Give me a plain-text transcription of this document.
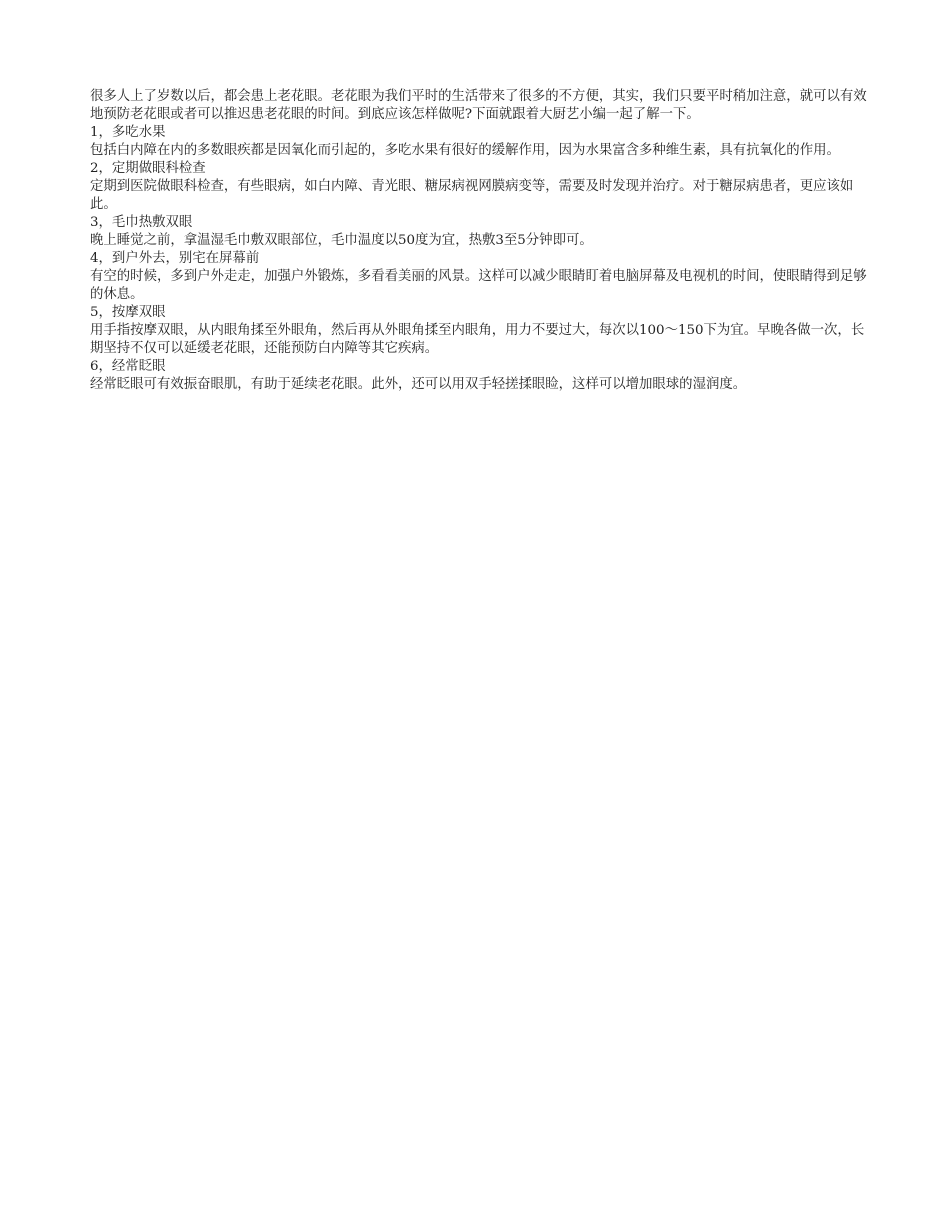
很多人上了岁数以后，都会患上老花眼。老花眼为我们平时的生活带来了很多的不方便，其实，我们只要平时稍加注意，就可以有效地预防老花眼或者可以推迟患老花眼的时间。到底应该怎样做呢?下面就跟着大厨艺小编一起了解一下。

1，多吃水果

包括白内障在内的多数眼疾都是因氧化而引起的，多吃水果有很好的缓解作用，因为水果富含多种维生素，具有抗氧化的作用。

2，定期做眼科检查

定期到医院做眼科检查，有些眼病，如白内障、青光眼、糖尿病视网膜病变等，需要及时发现并治疗。对于糖尿病患者，更应该如此。

3，毛巾热敷双眼

晚上睡觉之前，拿温湿毛巾敷双眼部位，毛巾温度以50度为宜，热敷3至5分钟即可。

4，到户外去，别宅在屏幕前

有空的时候，多到户外走走，加强户外锻炼，多看看美丽的风景。这样可以减少眼睛盯着电脑屏幕及电视机的时间，使眼睛得到足够的休息。

5，按摩双眼

用手指按摩双眼，从内眼角揉至外眼角，然后再从外眼角揉至内眼角，用力不要过大，每次以100～150下为宜。早晚各做一次，长期坚持不仅可以延缓老花眼，还能预防白内障等其它疾病。

6，经常眨眼

经常眨眼可有效振奋眼肌，有助于延续老花眼。此外，还可以用双手轻搓揉眼睑，这样可以增加眼球的湿润度。
